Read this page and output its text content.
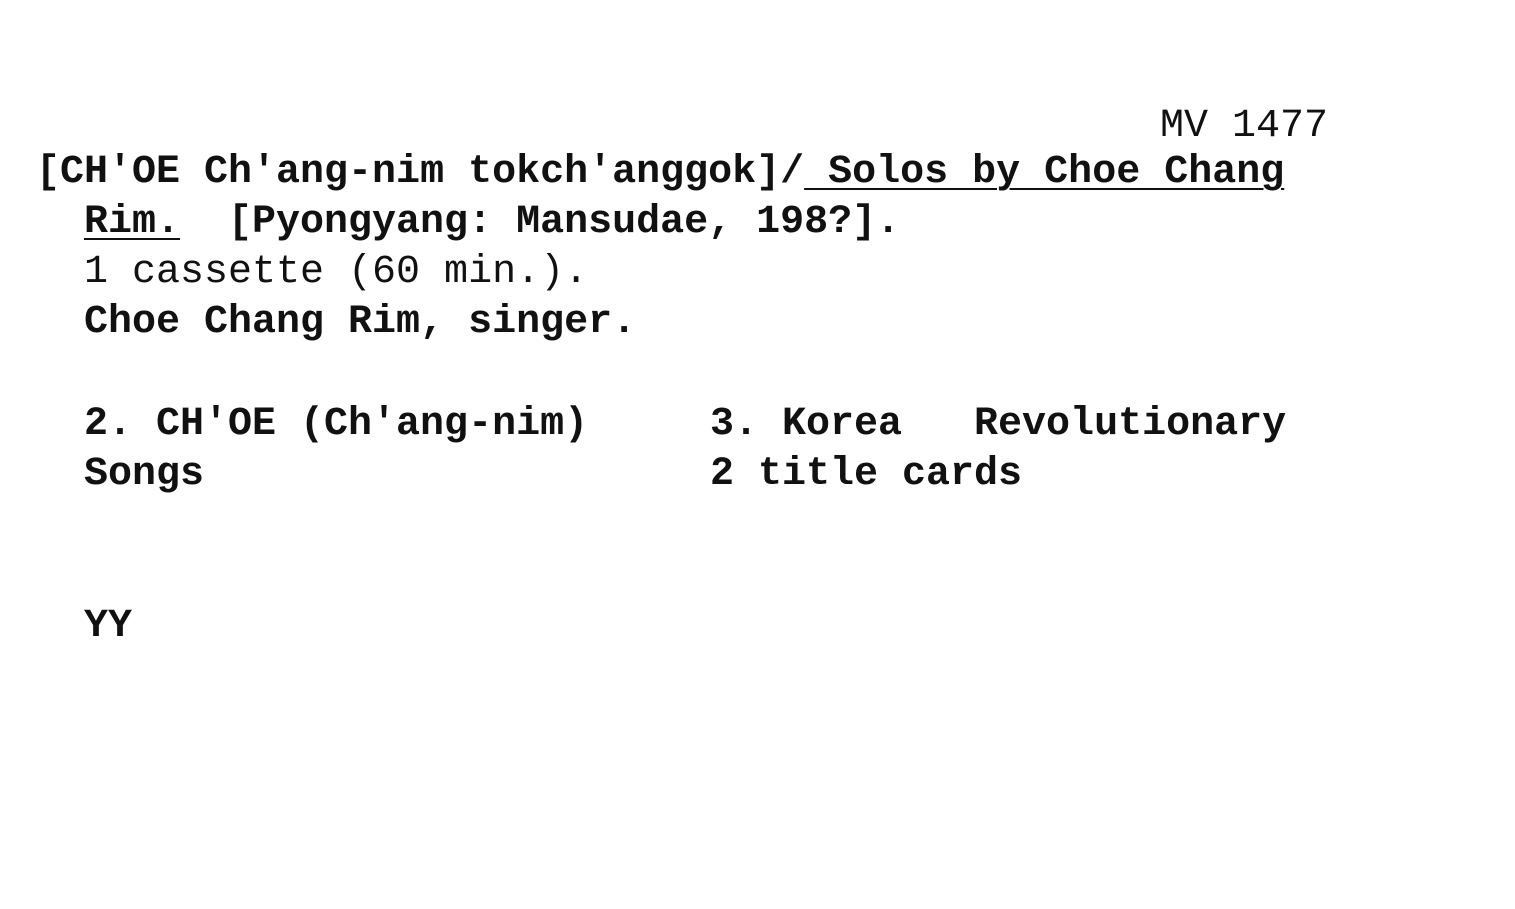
MV 1477
[CH'OE Ch'ang-nim tokch'anggok]/ Solos by Choe Chang
Rim. [Pyongyang: Mansudae, 198?].
1 cassette (60 min.).
Choe Chang Rim, singer.
2. CH'OE (Ch'ang-nim)	3. Korea   Revolutionary
Songs	2 title cards
YY
